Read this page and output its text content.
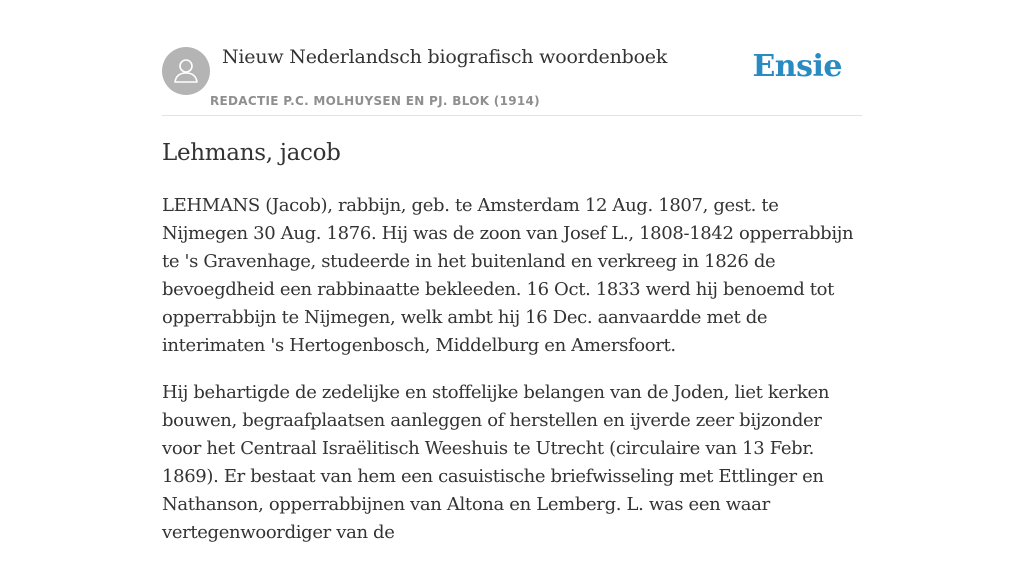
Nieuw Nederlandsch biografisch woordenboek
REDACTIE P.C. MOLHUYSEN EN PJ. BLOK (1914)
Ensie
Lehmans, jacob

LEHMANS (Jacob), rabbijn, geb. te Amsterdam 12 Aug. 1807, gest. te Nijmegen 30 Aug. 1876. Hij was de zoon van Josef L., 1808-1842 opperrabbijn te 's Gravenhage, studeerde in het buitenland en verkreeg in 1826 de bevoegdheid een rabbinaatte bekleeden. 16 Oct. 1833 werd hij benoemd tot opperrabbijn te Nijmegen, welk ambt hij 16 Dec. aanvaardde met de interimaten 's Hertogenbosch, Middelburg en Amersfoort.

Hij behartigde de zedelijke en stoffelijke belangen van de Joden, liet kerken bouwen, begraafplaatsen aanleggen of herstellen en ijverde zeer bijzonder voor het Centraal Israëlitisch Weeshuis te Utrecht (circulaire van 13 Febr. 1869). Er bestaat van hem een casuistische briefwisseling met Ettlinger en Nathanson, opperrabbijnen van Altona en Lemberg. L. was een waar vertegenwoordiger van de
